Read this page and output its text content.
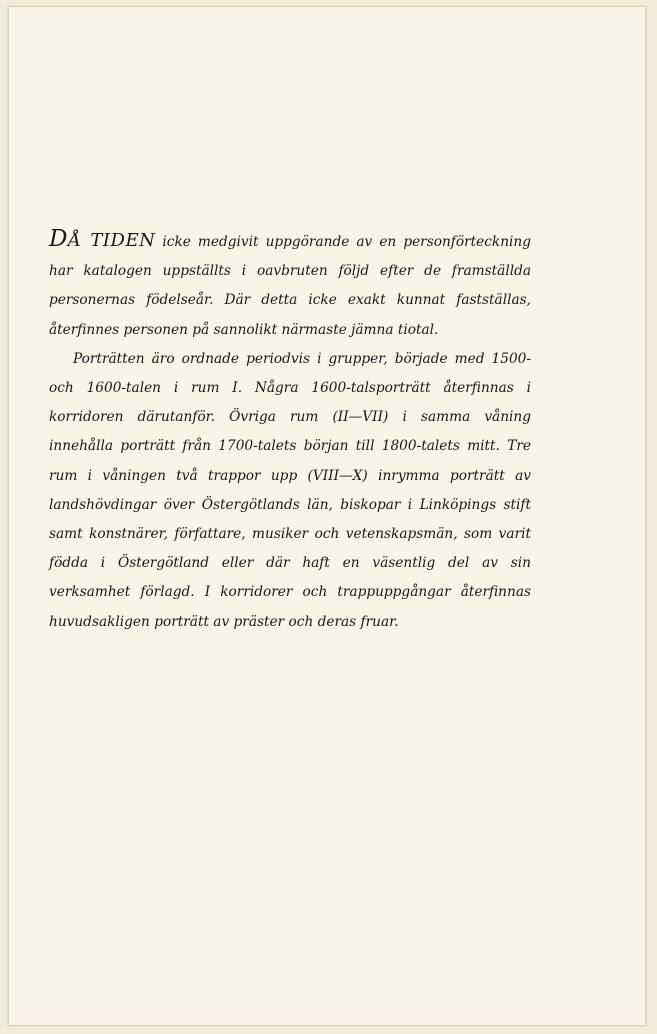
DÅ TIDEN icke medgivit uppgörande av en personförteckning har katalogen uppställts i oavbruten följd efter de framställda personernas födelseår. Där detta icke exakt kunnat fastställas, återfinnes personen på sannolikt närmaste jämna tiotal.

Porträtten äro ordnade periodvis i grupper, började med 1500- och 1600-talen i rum I. Några 1600-talsporträtt återfinnas i korridoren därutanför. Övriga rum (II—VII) i samma våning innehålla porträtt från 1700-talets början till 1800-talets mitt. Tre rum i våningen två trappor upp (VIII—X) inrymma porträtt av landshövdingar över Östergötlands län, biskopar i Linköpings stift samt konstnärer, författare, musiker och vetenskapsmän, som varit födda i Östergötland eller där haft en väsentlig del av sin verksamhet förlagd. I korridorer och trappuppgångar återfinnas huvudsakligen porträtt av präster och deras fruar.
